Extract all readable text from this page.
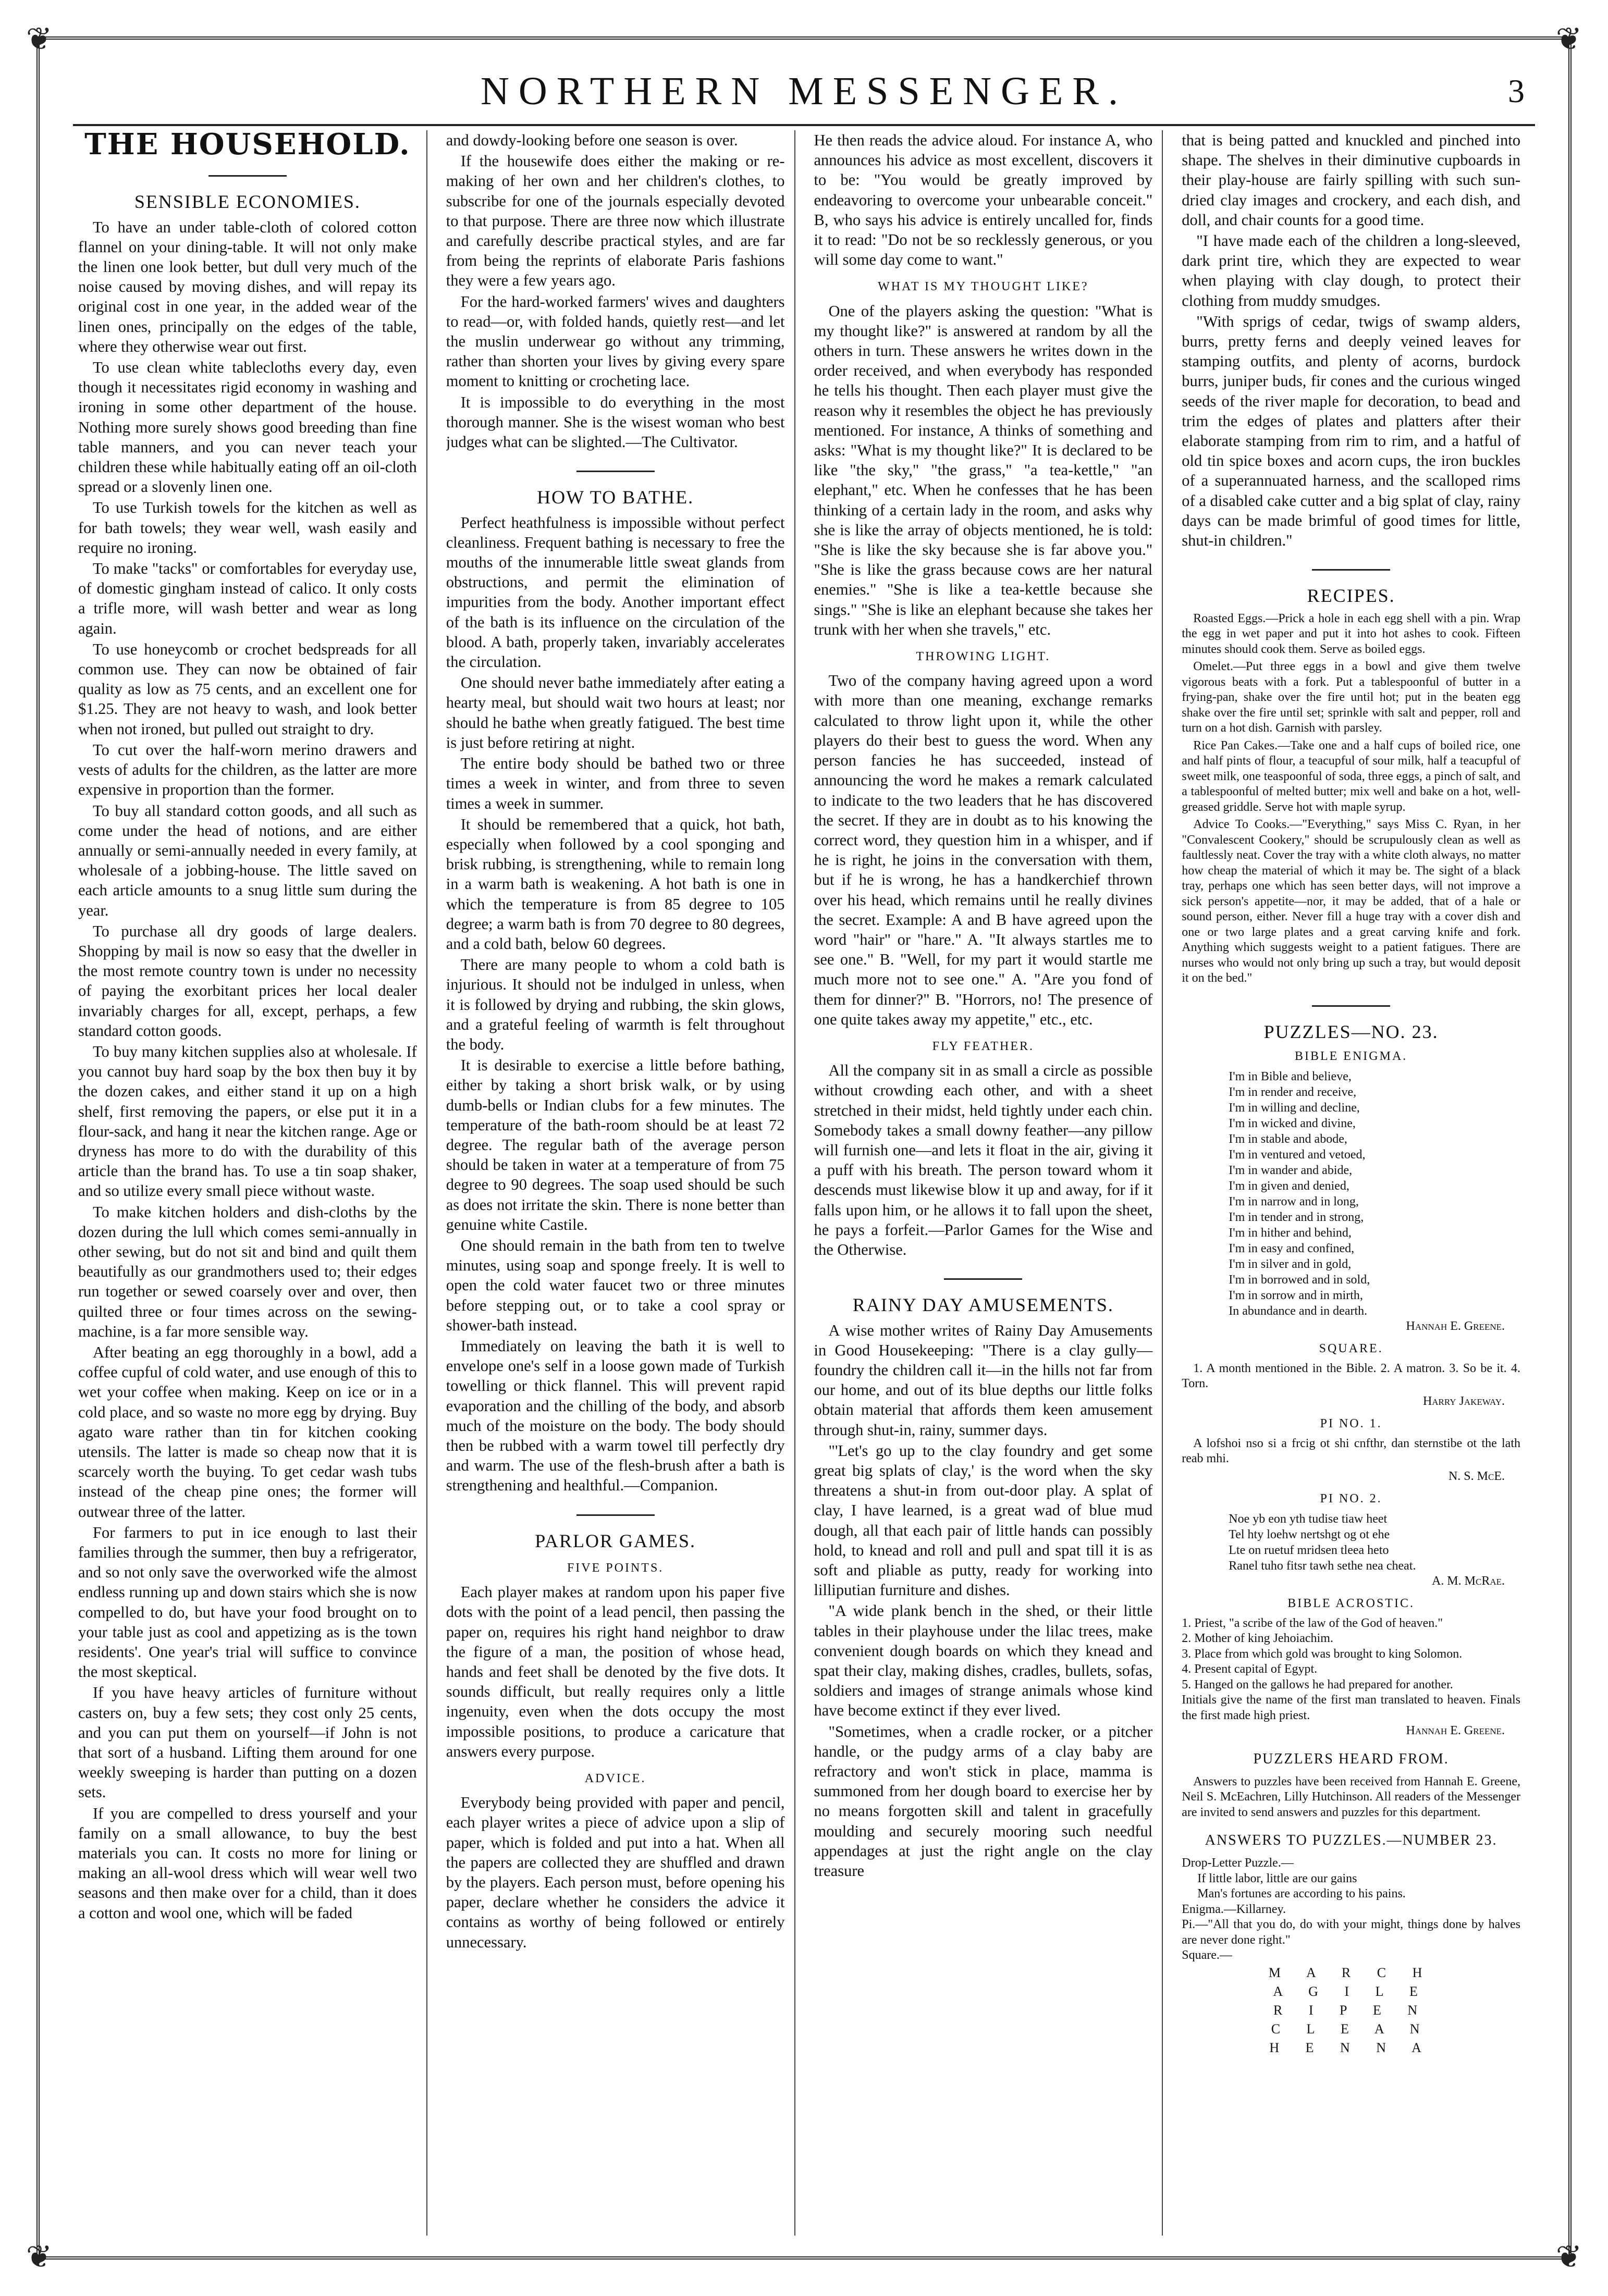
❦	❦
❦	❦
NORTHERN MESSENGER.	3
THE HOUSEHOLD.
SENSIBLE ECONOMIES.

To have an under table-cloth of colored cotton flannel on your dining-table. It will not only make the linen one look better, but dull very much of the noise caused by moving dishes, and will repay its original cost in one year, in the added wear of the linen ones, principally on the edges of the table, where they otherwise wear out first.

To use clean white tablecloths every day, even though it necessitates rigid economy in washing and ironing in some other department of the house. Nothing more surely shows good breeding than fine table manners, and you can never teach your children these while habitually eating off an oil-cloth spread or a slovenly linen one.

To use Turkish towels for the kitchen as well as for bath towels; they wear well, wash easily and require no ironing.

To make "tacks" or comfortables for everyday use, of domestic gingham instead of calico. It only costs a trifle more, will wash better and wear as long again.

To use honeycomb or crochet bedspreads for all common use. They can now be obtained of fair quality as low as 75 cents, and an excellent one for $1.25. They are not heavy to wash, and look better when not ironed, but pulled out straight to dry.

To cut over the half-worn merino drawers and vests of adults for the children, as the latter are more expensive in proportion than the former.

To buy all standard cotton goods, and all such as come under the head of notions, and are either annually or semi-annually needed in every family, at wholesale of a jobbing-house. The little saved on each article amounts to a snug little sum during the year.

To purchase all dry goods of large dealers. Shopping by mail is now so easy that the dweller in the most remote country town is under no necessity of paying the exorbitant prices her local dealer invariably charges for all, except, perhaps, a few standard cotton goods.

To buy many kitchen supplies also at wholesale. If you cannot buy hard soap by the box then buy it by the dozen cakes, and either stand it up on a high shelf, first removing the papers, or else put it in a flour-sack, and hang it near the kitchen range. Age or dryness has more to do with the durability of this article than the brand has. To use a tin soap shaker, and so utilize every small piece without waste.

To make kitchen holders and dish-cloths by the dozen during the lull which comes semi-annually in other sewing, but do not sit and bind and quilt them beautifully as our grandmothers used to; their edges run together or sewed coarsely over and over, then quilted three or four times across on the sewing-machine, is a far more sensible way.

After beating an egg thoroughly in a bowl, add a coffee cupful of cold water, and use enough of this to wet your coffee when making. Keep on ice or in a cold place, and so waste no more egg by drying. Buy agato ware rather than tin for kitchen cooking utensils. The latter is made so cheap now that it is scarcely worth the buying. To get cedar wash tubs instead of the cheap pine ones; the former will outwear three of the latter.

For farmers to put in ice enough to last their families through the summer, then buy a refrigerator, and so not only save the overworked wife the almost endless running up and down stairs which she is now compelled to do, but have your food brought on to your table just as cool and appetizing as is the town residents'. One year's trial will suffice to convince the most skeptical.

If you have heavy articles of furniture without casters on, buy a few sets; they cost only 25 cents, and you can put them on yourself—if John is not that sort of a husband. Lifting them around for one weekly sweeping is harder than putting on a dozen sets.

If you are compelled to dress yourself and your family on a small allowance, to buy the best materials you can. It costs no more for lining or making an all-wool dress which will wear well two seasons and then make over for a child, than it does a cotton and wool one, which will be faded

and dowdy-looking before one season is over.

If the housewife does either the making or re-making of her own and her children's clothes, to subscribe for one of the journals especially devoted to that purpose. There are three now which illustrate and carefully describe practical styles, and are far from being the reprints of elaborate Paris fashions they were a few years ago.

For the hard-worked farmers' wives and daughters to read—or, with folded hands, quietly rest—and let the muslin underwear go without any trimming, rather than shorten your lives by giving every spare moment to knitting or crocheting lace.

It is impossible to do everything in the most thorough manner. She is the wisest woman who best judges what can be slighted.—The Cultivator.

HOW TO BATHE.

Perfect heathfulness is impossible without perfect cleanliness. Frequent bathing is necessary to free the mouths of the innumerable little sweat glands from obstructions, and permit the elimination of impurities from the body. Another important effect of the bath is its influence on the circulation of the blood. A bath, properly taken, invariably accelerates the circulation.

One should never bathe immediately after eating a hearty meal, but should wait two hours at least; nor should he bathe when greatly fatigued. The best time is just before retiring at night.

The entire body should be bathed two or three times a week in winter, and from three to seven times a week in summer.

It should be remembered that a quick, hot bath, especially when followed by a cool sponging and brisk rubbing, is strengthening, while to remain long in a warm bath is weakening. A hot bath is one in which the temperature is from 85 degree to 105 degree; a warm bath is from 70 degree to 80 degrees, and a cold bath, below 60 degrees.

There are many people to whom a cold bath is injurious. It should not be indulged in unless, when it is followed by drying and rubbing, the skin glows, and a grateful feeling of warmth is felt throughout the body.

It is desirable to exercise a little before bathing, either by taking a short brisk walk, or by using dumb-bells or Indian clubs for a few minutes. The temperature of the bath-room should be at least 72 degree. The regular bath of the average person should be taken in water at a temperature of from 75 degree to 90 degrees. The soap used should be such as does not irritate the skin. There is none better than genuine white Castile.

One should remain in the bath from ten to twelve minutes, using soap and sponge freely. It is well to open the cold water faucet two or three minutes before stepping out, or to take a cool spray or shower-bath instead.

Immediately on leaving the bath it is well to envelope one's self in a loose gown made of Turkish towelling or thick flannel. This will prevent rapid evaporation and the chilling of the body, and absorb much of the moisture on the body. The body should then be rubbed with a warm towel till perfectly dry and warm. The use of the flesh-brush after a bath is strengthening and healthful.—Companion.

PARLOR GAMES.
FIVE POINTS.

Each player makes at random upon his paper five dots with the point of a lead pencil, then passing the paper on, requires his right hand neighbor to draw the figure of a man, the position of whose head, hands and feet shall be denoted by the five dots. It sounds difficult, but really requires only a little ingenuity, even when the dots occupy the most impossible positions, to produce a caricature that answers every purpose.

ADVICE.

Everybody being provided with paper and pencil, each player writes a piece of advice upon a slip of paper, which is folded and put into a hat. When all the papers are collected they are shuffled and drawn by the players. Each person must, before opening his paper, declare whether he considers the advice it contains as worthy of being followed or entirely unnecessary.

He then reads the advice aloud. For instance A, who announces his advice as most excellent, discovers it to be: "You would be greatly improved by endeavoring to overcome your unbearable conceit." B, who says his advice is entirely uncalled for, finds it to read: "Do not be so recklessly generous, or you will some day come to want."

WHAT IS MY THOUGHT LIKE?

One of the players asking the question: "What is my thought like?" is answered at random by all the others in turn. These answers he writes down in the order received, and when everybody has responded he tells his thought. Then each player must give the reason why it resembles the object he has previously mentioned. For instance, A thinks of something and asks: "What is my thought like?" It is declared to be like "the sky," "the grass," "a tea-kettle," "an elephant," etc. When he confesses that he has been thinking of a certain lady in the room, and asks why she is like the array of objects mentioned, he is told: "She is like the sky because she is far above you." "She is like the grass because cows are her natural enemies." "She is like a tea-kettle because she sings." "She is like an elephant because she takes her trunk with her when she travels," etc.

THROWING LIGHT.

Two of the company having agreed upon a word with more than one meaning, exchange remarks calculated to throw light upon it, while the other players do their best to guess the word. When any person fancies he has succeeded, instead of announcing the word he makes a remark calculated to indicate to the two leaders that he has discovered the secret. If they are in doubt as to his knowing the correct word, they question him in a whisper, and if he is right, he joins in the conversation with them, but if he is wrong, he has a handkerchief thrown over his head, which remains until he really divines the secret. Example: A and B have agreed upon the word "hair" or "hare." A. "It always startles me to see one." B. "Well, for my part it would startle me much more not to see one." A. "Are you fond of them for dinner?" B. "Horrors, no! The presence of one quite takes away my appetite," etc., etc.

FLY FEATHER.

All the company sit in as small a circle as possible without crowding each other, and with a sheet stretched in their midst, held tightly under each chin. Somebody takes a small downy feather—any pillow will furnish one—and lets it float in the air, giving it a puff with his breath. The person toward whom it descends must likewise blow it up and away, for if it falls upon him, or he allows it to fall upon the sheet, he pays a forfeit.—Parlor Games for the Wise and the Otherwise.

RAINY DAY AMUSEMENTS.

A wise mother writes of Rainy Day Amusements in Good Housekeeping: "There is a clay gully—foundry the children call it—in the hills not far from our home, and out of its blue depths our little folks obtain material that affords them keen amusement through shut-in, rainy, summer days.

"'Let's go up to the clay foundry and get some great big splats of clay,' is the word when the sky threatens a shut-in from out-door play. A splat of clay, I have learned, is a great wad of blue mud dough, all that each pair of little hands can possibly hold, to knead and roll and pull and spat till it is as soft and pliable as putty, ready for working into lilliputian furniture and dishes.

"A wide plank bench in the shed, or their little tables in their playhouse under the lilac trees, make convenient dough boards on which they knead and spat their clay, making dishes, cradles, bullets, sofas, soldiers and images of strange animals whose kind have become extinct if they ever lived.

"Sometimes, when a cradle rocker, or a pitcher handle, or the pudgy arms of a clay baby are refractory and won't stick in place, mamma is summoned from her dough board to exercise her by no means forgotten skill and talent in gracefully moulding and securely mooring such needful appendages at just the right angle on the clay treasure

that is being patted and knuckled and pinched into shape. The shelves in their diminutive cupboards in their play-house are fairly spilling with such sun-dried clay images and crockery, and each dish, and doll, and chair counts for a good time.

"I have made each of the children a long-sleeved, dark print tire, which they are expected to wear when playing with clay dough, to protect their clothing from muddy smudges.

"With sprigs of cedar, twigs of swamp alders, burrs, pretty ferns and deeply veined leaves for stamping outfits, and plenty of acorns, burdock burrs, juniper buds, fir cones and the curious winged seeds of the river maple for decoration, to bead and trim the edges of plates and platters after their elaborate stamping from rim to rim, and a hatful of old tin spice boxes and acorn cups, the iron buckles of a superannuated harness, and the scalloped rims of a disabled cake cutter and a big splat of clay, rainy days can be made brimful of good times for little, shut-in children."

RECIPES.

Roasted Eggs.—Prick a hole in each egg shell with a pin. Wrap the egg in wet paper and put it into hot ashes to cook. Fifteen minutes should cook them. Serve as boiled eggs.

Omelet.—Put three eggs in a bowl and give them twelve vigorous beats with a fork. Put a tablespoonful of butter in a frying-pan, shake over the fire until hot; put in the beaten egg shake over the fire until set; sprinkle with salt and pepper, roll and turn on a hot dish. Garnish with parsley.

Rice Pan Cakes.—Take one and a half cups of boiled rice, one and half pints of flour, a teacupful of sour milk, half a teacupful of sweet milk, one teaspoonful of soda, three eggs, a pinch of salt, and a tablespoonful of melted butter; mix well and bake on a hot, well-greased griddle. Serve hot with maple syrup.

Advice To Cooks.—"Everything," says Miss C. Ryan, in her "Convalescent Cookery," should be scrupulously clean as well as faultlessly neat. Cover the tray with a white cloth always, no matter how cheap the material of which it may be. The sight of a black tray, perhaps one which has seen better days, will not improve a sick person's appetite—nor, it may be added, that of a hale or sound person, either. Never fill a huge tray with a cover dish and one or two large plates and a great carving knife and fork. Anything which suggests weight to a patient fatigues. There are nurses who would not only bring up such a tray, but would deposit it on the bed."

PUZZLES—NO. 23.
BIBLE ENIGMA.
I'm in Bible and believe,
I'm in render and receive,
I'm in willing and decline,
I'm in wicked and divine,
I'm in stable and abode,
I'm in ventured and vetoed,
I'm in wander and abide,
I'm in given and denied,
I'm in narrow and in long,
I'm in tender and in strong,
I'm in hither and behind,
I'm in easy and confined,
I'm in silver and in gold,
I'm in borrowed and in sold,
I'm in sorrow and in mirth,
In abundance and in dearth.
Hannah E. Greene.
SQUARE.

1. A month mentioned in the Bible. 2. A matron. 3. So be it. 4. Torn.

Harry Jakeway.
PI NO. 1.

A lofshoi nso si a frcig ot shi cnfthr, dan sternstibe ot the lath reab mhi.

N. S. McE.
PI NO. 2.
Noe yb eon yth tudise tiaw heet
Tel hty loehw nertshgt og ot ehe
Lte on ruetuf mridsen tleea heto
Ranel tuho fitsr tawh sethe nea cheat.
A. M. McRae.
BIBLE ACROSTIC.
1. Priest, "a scribe of the law of the God of heaven."
2. Mother of king Jehoiachim.
3. Place from which gold was brought to king Solomon.
4. Present capital of Egypt.
5. Hanged on the gallows he had prepared for another.
Initials give the name of the first man translated to heaven. Finals the first made high priest.
Hannah E. Greene.
PUZZLERS HEARD FROM.

Answers to puzzles have been received from Hannah E. Greene, Neil S. McEachren, Lilly Hutchinson. All readers of the Messenger are invited to send answers and puzzles for this department.

ANSWERS TO PUZZLES.—NUMBER 23.
Drop-Letter Puzzle.—
If little labor, little are our gains
Man's fortunes are according to his pains.
Enigma.—Killarney.
Pi.—"All that you do, do with your might, things done by halves are never done right."
Square.—
M A R C H
A G I L E
R I P E N
C L E A N
H E N N A
